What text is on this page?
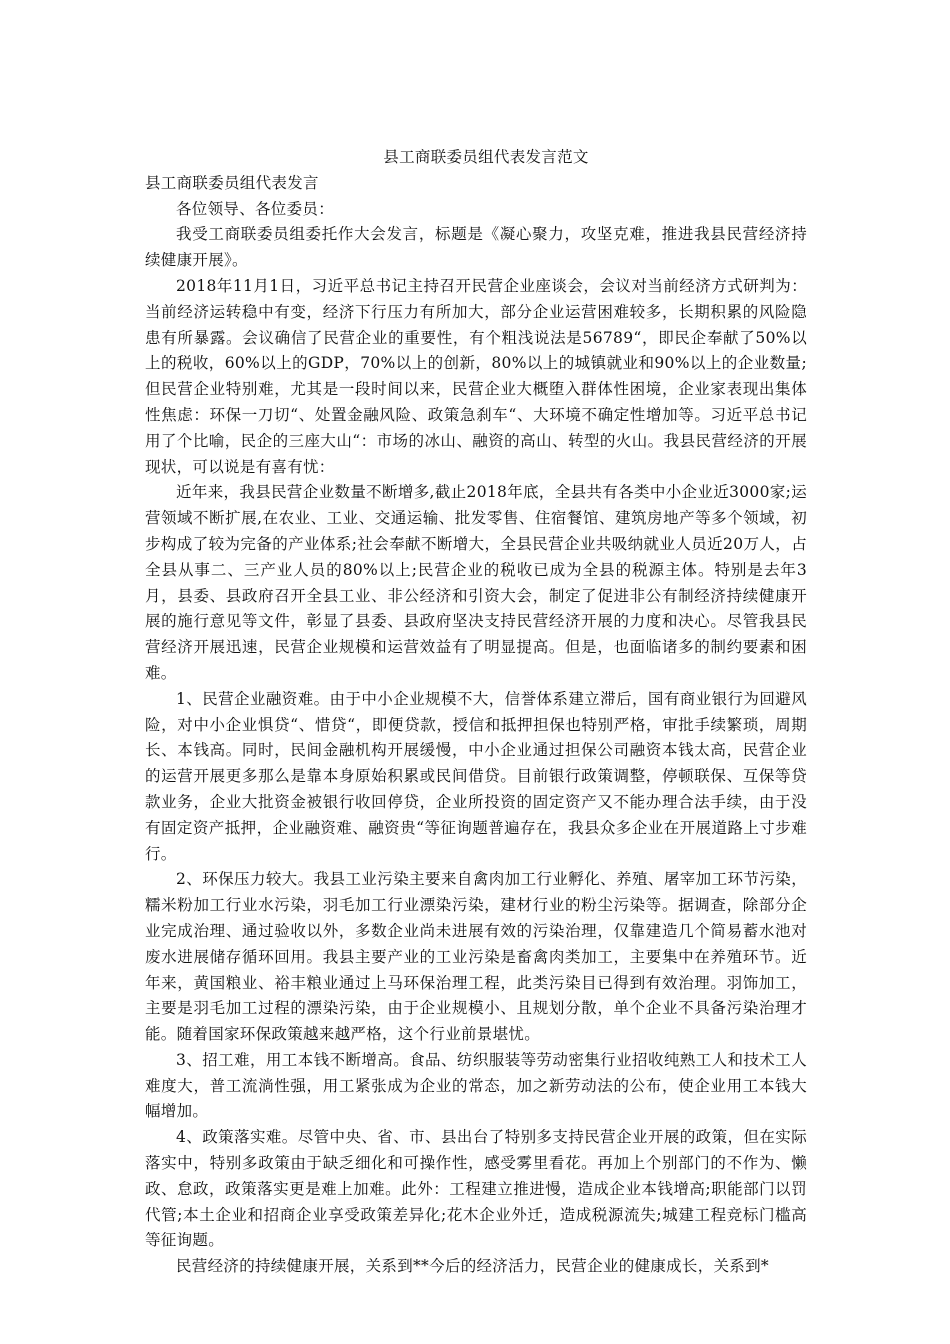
县工商联委员组代表发言范文

县工商联委员组代表发言

各位领导、各位委员：

我受工商联委员组委托作大会发言，标题是《凝心聚力，攻坚克难，推进我县民营经济持续健康开展》。

2018年11月1日，习近平总书记主持召开民营企业座谈会，会议对当前经济方式研判为：当前经济运转稳中有变，经济下行压力有所加大，部分企业运营困难较多，长期积累的风险隐患有所暴露。会议确信了民营企业的重要性，有个粗浅说法是56789“，即民企奉献了50%以上的税收，60%以上的GDP，70%以上的创新，80%以上的城镇就业和90%以上的企业数量;但民营企业特别难，尤其是一段时间以来，民营企业大概堕入群体性困境，企业家表现出集体性焦虑：环保一刀切“、处置金融风险、政策急刹车“、大环境不确定性增加等。习近平总书记用了个比喻，民企的三座大山“：市场的冰山、融资的高山、转型的火山。我县民营经济的开展现状，可以说是有喜有忧：

近年来，我县民营企业数量不断增多,截止2018年底，全县共有各类中小企业近3000家;运营领域不断扩展,在农业、工业、交通运输、批发零售、住宿餐馆、建筑房地产等多个领域，初步构成了较为完备的产业体系;社会奉献不断增大，全县民营企业共吸纳就业人员近20万人，占全县从事二、三产业人员的80%以上;民营企业的税收已成为全县的税源主体。特别是去年3月，县委、县政府召开全县工业、非公经济和引资大会，制定了促进非公有制经济持续健康开展的施行意见等文件，彰显了县委、县政府坚决支持民营经济开展的力度和决心。尽管我县民营经济开展迅速，民营企业规模和运营效益有了明显提高。但是，也面临诸多的制约要素和困难。

1、民营企业融资难。由于中小企业规模不大，信誉体系建立滞后，国有商业银行为回避风险，对中小企业惧贷“、惜贷“，即便贷款，授信和抵押担保也特别严格，审批手续繁琐，周期长、本钱高。同时，民间金融机构开展缓慢，中小企业通过担保公司融资本钱太高，民营企业的运营开展更多那么是靠本身原始积累或民间借贷。目前银行政策调整，停顿联保、互保等贷款业务，企业大批资金被银行收回停贷，企业所投资的固定资产又不能办理合法手续，由于没有固定资产抵押，企业融资难、融资贵“等征询题普遍存在，我县众多企业在开展道路上寸步难行。

2、环保压力较大。我县工业污染主要来自禽肉加工行业孵化、养殖、屠宰加工环节污染，糯米粉加工行业水污染，羽毛加工行业漂染污染，建材行业的粉尘污染等。据调查，除部分企业完成治理、通过验收以外，多数企业尚未进展有效的污染治理，仅靠建造几个简易蓄水池对废水进展储存循环回用。我县主要产业的工业污染是畜禽肉类加工，主要集中在养殖环节。近年来，黄国粮业、裕丰粮业通过上马环保治理工程，此类污染目已得到有效治理。羽饰加工，主要是羽毛加工过程的漂染污染，由于企业规模小、且规划分散，单个企业不具备污染治理才能。随着国家环保政策越来越严格，这个行业前景堪忧。

3、招工难，用工本钱不断增高。食品、纺织服装等劳动密集行业招收纯熟工人和技术工人难度大，普工流淌性强，用工紧张成为企业的常态，加之新劳动法的公布，使企业用工本钱大幅增加。

4、政策落实难。尽管中央、省、市、县出台了特别多支持民营企业开展的政策，但在实际落实中，特别多政策由于缺乏细化和可操作性，感受雾里看花。再加上个别部门的不作为、懒政、怠政，政策落实更是难上加难。此外：工程建立推进慢，造成企业本钱增高;职能部门以罚代管;本土企业和招商企业享受政策差异化;花木企业外迁，造成税源流失;城建工程竞标门槛高等征询题。

民营经济的持续健康开展，关系到**今后的经济活力，民营企业的健康成长，关系到*
